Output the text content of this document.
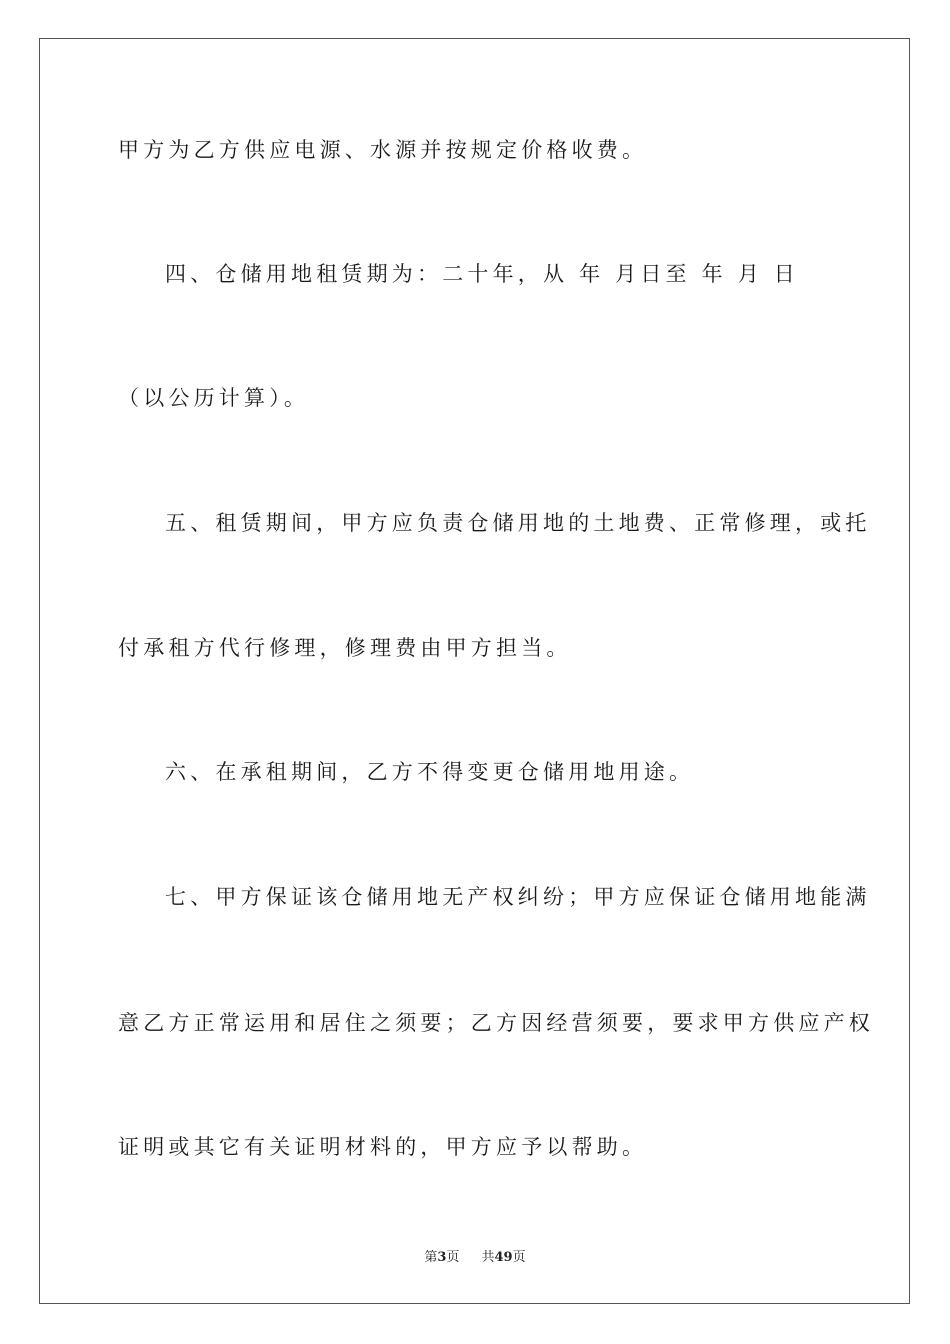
甲方为乙方供应电源、水源并按规定价格收费。
四、仓储用地租赁期为：二十年，从 年 月日至 年 月 日
（以公历计算）。
五、租赁期间，甲方应负责仓储用地的土地费、正常修理，或托
付承租方代行修理，修理费由甲方担当。
六、在承租期间，乙方不得变更仓储用地用途。
七、甲方保证该仓储用地无产权纠纷；甲方应保证仓储用地能满
意乙方正常运用和居住之须要；乙方因经营须要，要求甲方供应产权
证明或其它有关证明材料的，甲方应予以帮助。
第3页 共49页
